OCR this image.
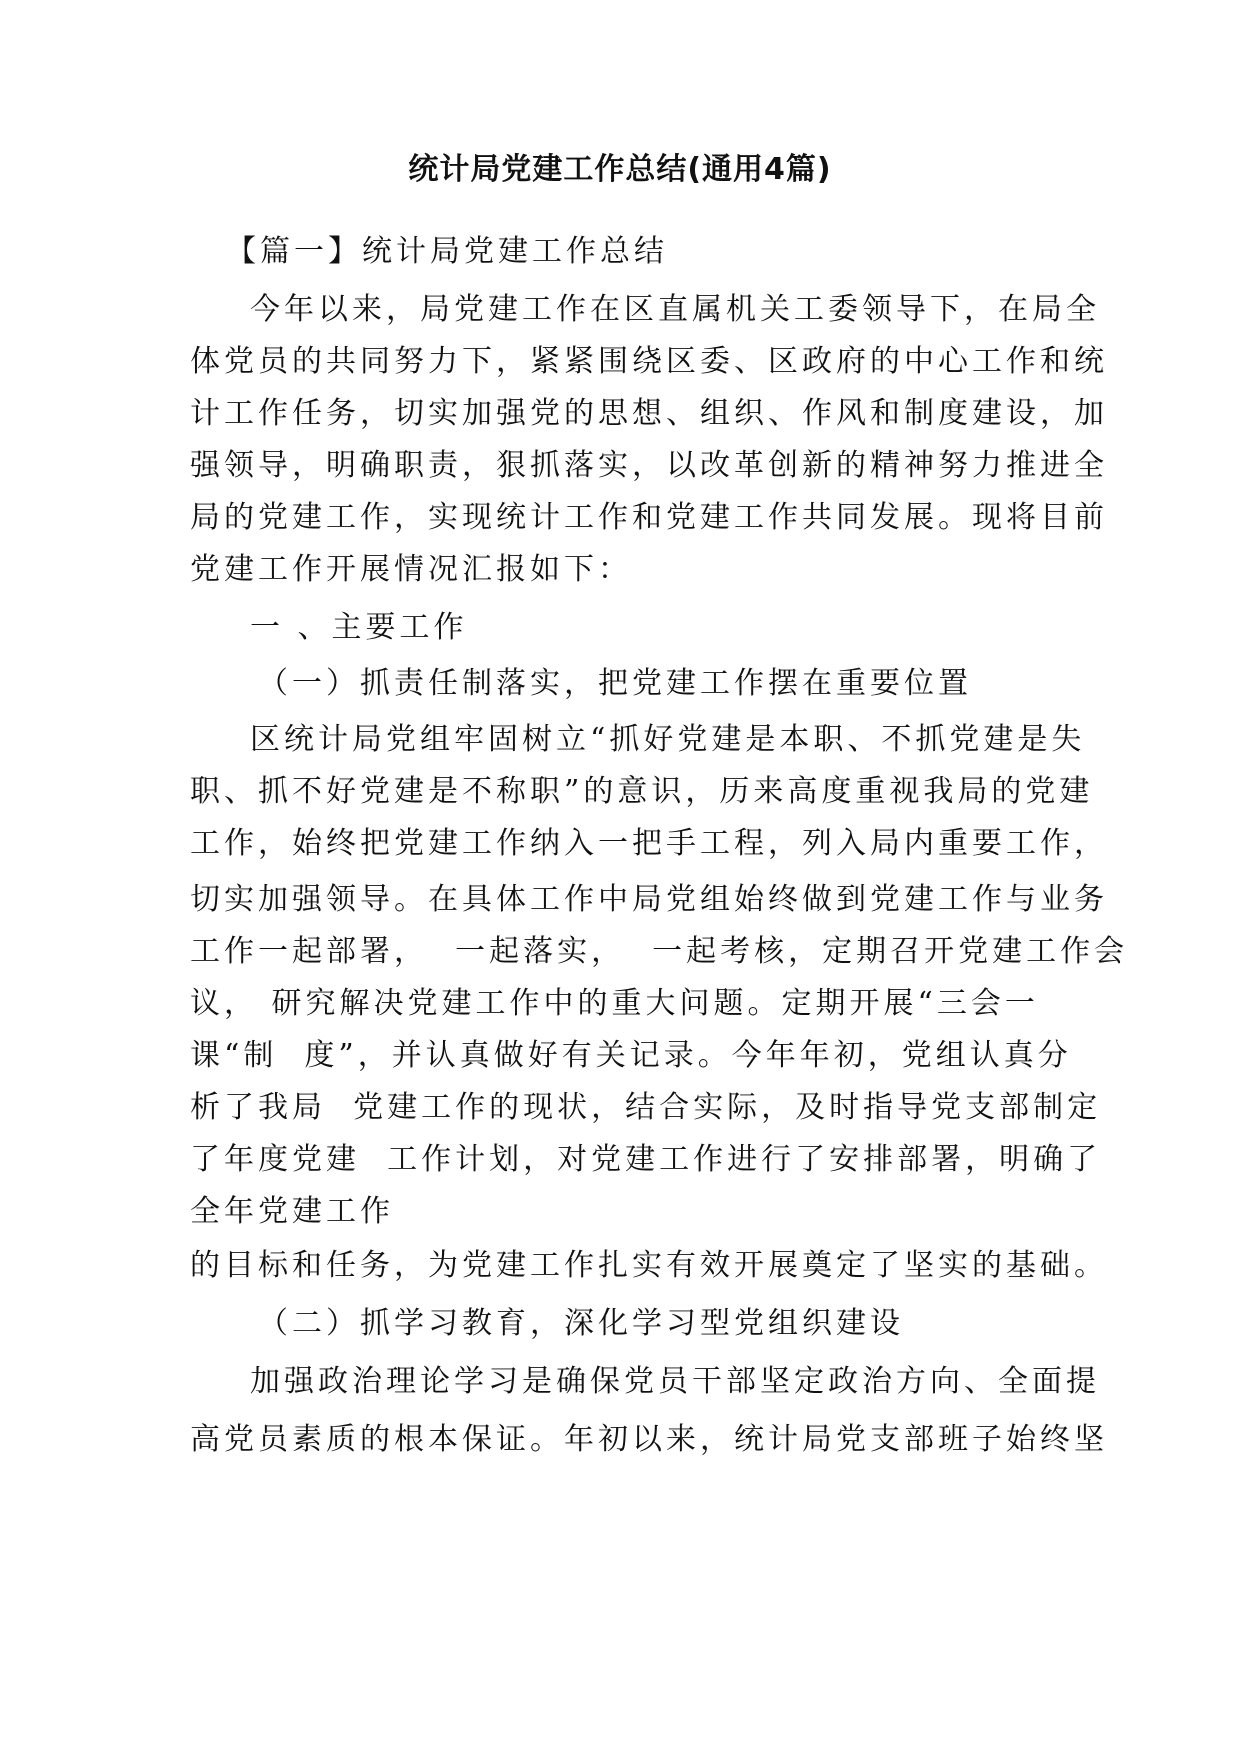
统计局党建工作总结(通用4篇)
【篇一】统计局党建工作总结
今年以来，局党建工作在区直属机关工委领导下，在局全
体党员的共同努力下，紧紧围绕区委、区政府的中心工作和统
计工作任务，切实加强党的思想、组织、作风和制度建设，加
强领导，明确职责，狠抓落实，以改革创新的精神努力推进全
局的党建工作，实现统计工作和党建工作共同发展。现将目前
党建工作开展情况汇报如下：
一 、主要工作
（一）抓责任制落实，把党建工作摆在重要位置
区统计局党组牢固树立“抓好党建是本职、不抓党建是失
职、抓不好党建是不称职”的意识，历来高度重视我局的党建
工作，始终把党建工作纳入一把手工程，列入局内重要工作，
切实加强领导。在具体工作中局党组始终做到党建工作与业务
工作一起部署，  一起落实，  一起考核，定期召开党建工作会
议， 研究解决党建工作中的重大问题。定期开展“三会一
课“制  度”，并认真做好有关记录。今年年初，党组认真分
析了我局  党建工作的现状，结合实际，及时指导党支部制定
了年度党建  工作计划，对党建工作进行了安排部署，明确了
全年党建工作
的目标和任务，为党建工作扎实有效开展奠定了坚实的基础。
（二）抓学习教育，深化学习型党组织建设
加强政治理论学习是确保党员干部坚定政治方向、全面提
高党员素质的根本保证。年初以来，统计局党支部班子始终坚
